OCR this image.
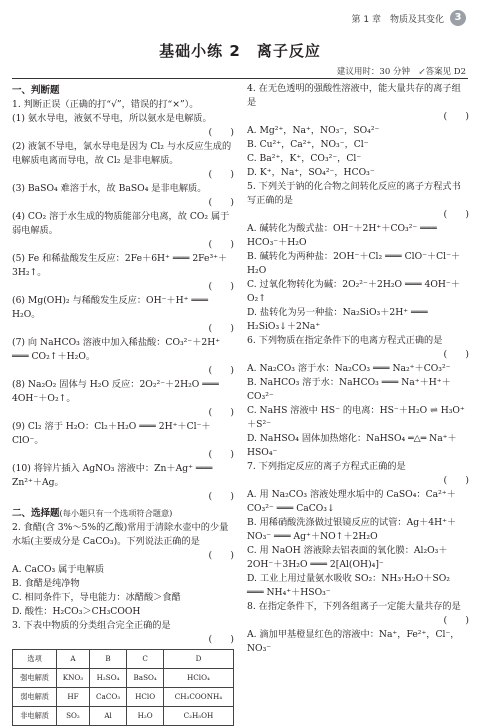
第 1 章　物质及其变化	3
基础小练 2　离子反应
建议用时：30 分钟　↙答案见 D2

一、判断题

1. 判断正误（正确的打“√”，错误的打“×”）。

(1) 氨水导电，液氨不导电，所以氨水是电解质。

(　　)

(2) 液氯不导电，氯水导电是因为 Cl₂ 与水反应生成的电解质电离而导电，故 Cl₂ 是非电解质。

(　　)

(3) BaSO₄ 难溶于水，故 BaSO₄ 是非电解质。

(　　)

(4) CO₂ 溶于水生成的物质能部分电离，故 CO₂ 属于弱电解质。

(　　)

(5) Fe 和稀盐酸发生反应：2Fe＋6H⁺ ═══ 2Fe³⁺＋3H₂↑。

(　　)

(6) Mg(OH)₂ 与稀酸发生反应：OH⁻＋H⁺ ═══ H₂O。

(　　)

(7) 向 NaHCO₃ 溶液中加入稀盐酸：CO₃²⁻＋2H⁺ ═══ CO₂↑＋H₂O。

(　　)

(8) Na₂O₂ 固体与 H₂O 反应：2O₂²⁻＋2H₂O ═══ 4OH⁻＋O₂↑。

(　　)

(9) Cl₂ 溶于 H₂O：Cl₂＋H₂O ═══ 2H⁺＋Cl⁻＋ClO⁻。

(　　)

(10) 将锌片插入 AgNO₃ 溶液中：Zn＋Ag⁺ ═══ Zn²⁺＋Ag。

(　　)

二、选择题(每小题只有一个选项符合题意)

2. 食醋(含 3%～5%的乙酸)常用于清除水壶中的少量水垢(主要成分是 CaCO₃)。下列说法正确的是

(　　)

A. CaCO₃ 属于电解质

B. 食醋是纯净物

C. 相同条件下，导电能力：冰醋酸＞食醋

D. 酸性：H₂CO₃＞CH₃COOH

3. 下表中物质的分类组合完全正确的是

(　　)

选项	A	B	C	D
强电解质	KNO₃	H₂SO₄	BaSO₄	HClO₄
弱电解质	HF	CaCO₃	HClO	CH₃COONH₄
非电解质	SO₂	Al	H₂O	C₂H₅OH

4. 在无色透明的强酸性溶液中，能大量共存的离子组是

(　　)

A. Mg²⁺，Na⁺，NO₃⁻，SO₄²⁻

B. Cu²⁺，Ca²⁺，NO₃⁻，Cl⁻

C. Ba²⁺，K⁺，CO₃²⁻，Cl⁻

D. K⁺，Na⁺，SO₄²⁻，HCO₃⁻

5. 下列关于钠的化合物之间转化反应的离子方程式书写正确的是

(　　)

A. 碱转化为酸式盐：OH⁻＋2H⁺＋CO₃²⁻ ═══ HCO₃⁻＋H₂O

B. 碱转化为两种盐：2OH⁻＋Cl₂ ═══ ClO⁻＋Cl⁻＋H₂O

C. 过氧化物转化为碱：2O₂²⁻＋2H₂O ═══ 4OH⁻＋O₂↑

D. 盐转化为另一种盐：Na₂SiO₃＋2H⁺ ═══ H₂SiO₃↓＋2Na⁺

6. 下列物质在指定条件下的电离方程式正确的是

(　　)

A. Na₂CO₃ 溶于水：Na₂CO₃ ═══ Na₂⁺＋CO₃²⁻

B. NaHCO₃ 溶于水：NaHCO₃ ═══ Na⁺＋H⁺＋CO₃²⁻

C. NaHS 溶液中 HS⁻ 的电离：HS⁻＋H₂O ⇌ H₃O⁺＋S²⁻

D. NaHSO₄ 固体加热熔化：NaHSO₄ ═△═ Na⁺＋HSO₄⁻

7. 下列指定反应的离子方程式正确的是

(　　)

A. 用 Na₂CO₃ 溶液处理水垢中的 CaSO₄：Ca²⁺＋CO₃²⁻ ═══ CaCO₃↓

B. 用稀硝酸洗涤做过银镜反应的试管：Ag＋4H⁺＋NO₃⁻ ═══ Ag⁺＋NO↑＋2H₂O

C. 用 NaOH 溶液除去铝表面的氧化膜：Al₂O₃＋2OH⁻＋3H₂O ═══ 2[Al(OH)₄]⁻

D. 工业上用过量氨水吸收 SO₂：NH₃·H₂O＋SO₂ ═══ NH₄⁺＋HSO₃⁻

8. 在指定条件下，下列各组离子一定能大量共存的是

(　　)

A. 滴加甲基橙显红色的溶液中：Na⁺，Fe²⁺，Cl⁻，NO₃⁻
